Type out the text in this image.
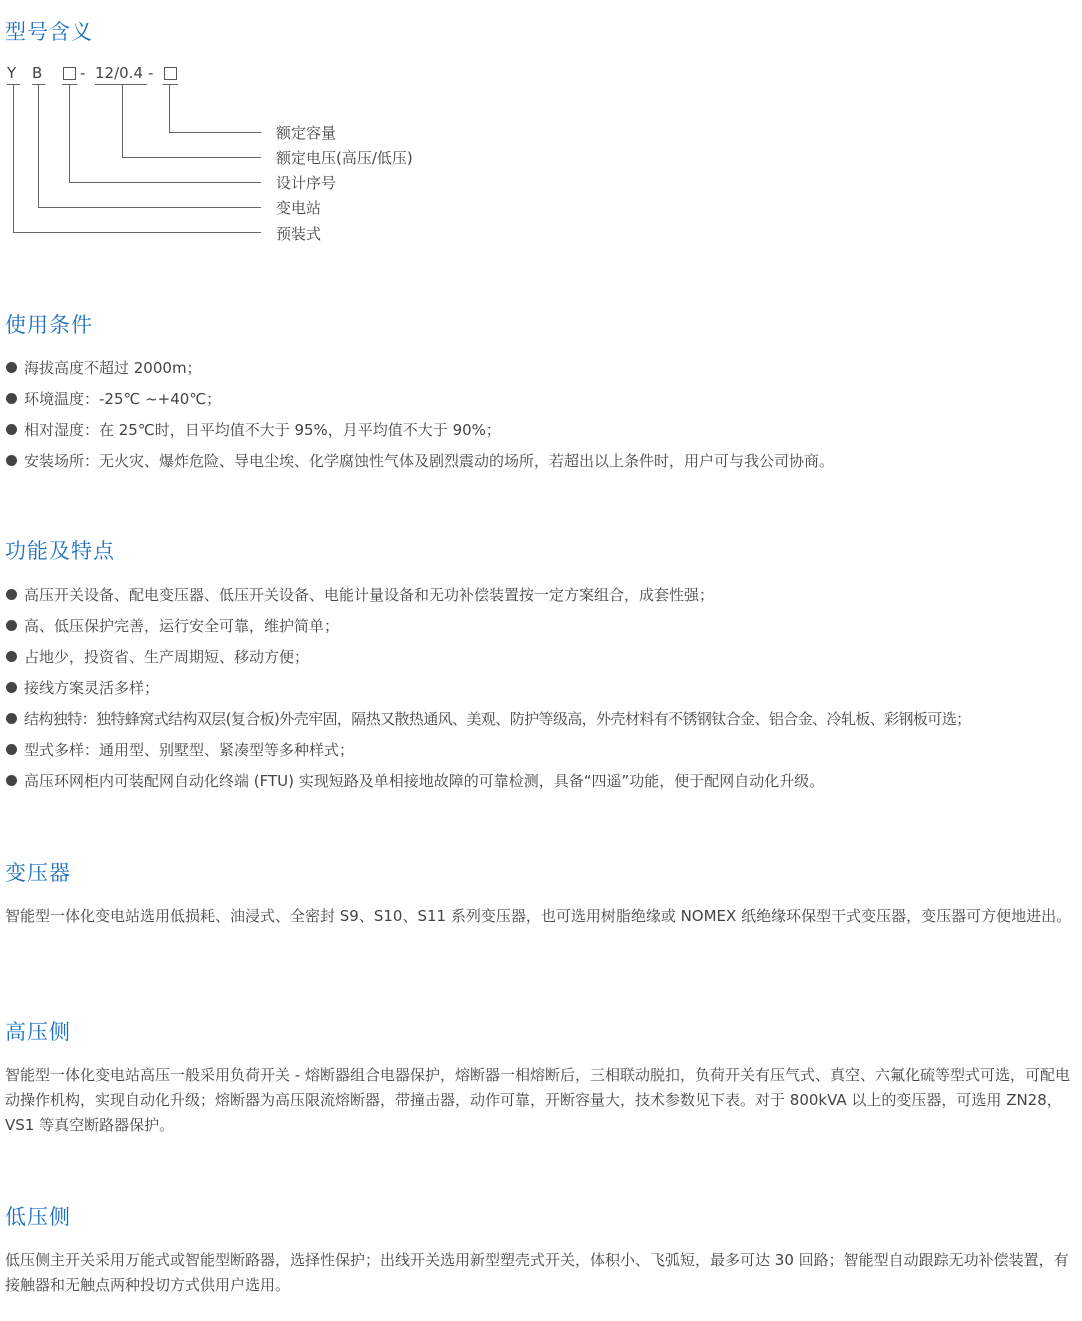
型号含义

Y

B

	-

12/0.4

-

额定容量
额定电压(高压/低压)
设计序号
变电站
预装式
使用条件
海拔高度不超过 2000m；
环境温度：-25℃ ~+40℃；
相对湿度：在 25℃时，日平均值不大于 95%，月平均值不大于 90%；
安装场所：无火灾、爆炸危险、导电尘埃、化学腐蚀性气体及剧烈震动的场所，若超出以上条件时，用户可与我公司协商。
功能及特点
高压开关设备、配电变压器、低压开关设备、电能计量设备和无功补偿装置按一定方案组合，成套性强；
高、低压保护完善，运行安全可靠，维护简单；
占地少，投资省、生产周期短、移动方便；
接线方案灵活多样；
结构独特：独特蜂窝式结构双层(复合板)外壳牢固，隔热又散热通风、美观、防护等级高，外壳材料有不锈钢钛合金、铝合金、冷轧板、彩钢板可选；
型式多样：通用型、别墅型、紧凑型等多种样式；
高压环网柜内可装配网自动化终端 (FTU) 实现短路及单相接地故障的可靠检测，具备“四遥”功能，便于配网自动化升级。
变压器

智能型一体化变电站选用低损耗、油浸式、全密封 S9、S10、S11 系列变压器，也可选用树脂绝缘或 NOMEX 纸绝缘环保型干式变压器，变压器可方便地进出。

高压侧

智能型一体化变电站高压一般采用负荷开关 - 熔断器组合电器保护，熔断器一相熔断后，三相联动脱扣，负荷开关有压气式、真空、六氟化硫等型式可选，可配电动操作机构，实现自动化升级；熔断器为高压限流熔断器，带撞击器，动作可靠，开断容量大，技术参数见下表。对于 800kVA 以上的变压器，可选用 ZN28，VS1 等真空断路器保护。

低压侧

低压侧主开关采用万能式或智能型断路器，选择性保护；出线开关选用新型塑壳式开关，体积小、飞弧短，最多可达 30 回路；智能型自动跟踪无功补偿装置，有接触器和无触点两种投切方式供用户选用。
